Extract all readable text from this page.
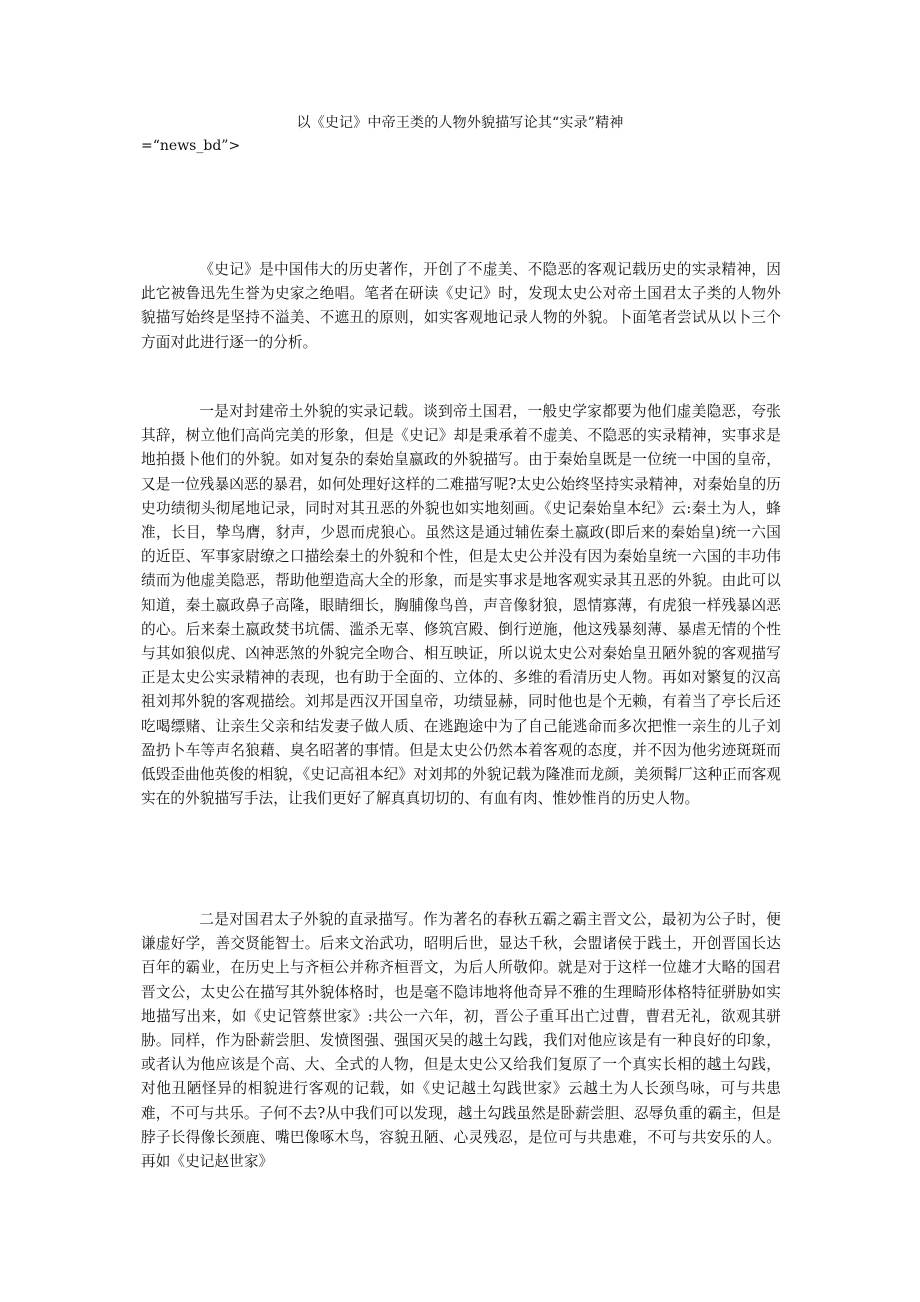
以《史记》中帝王类的人物外貌描写论其“实录”精神
=“news_bd”>

《史记》是中国伟大的历史著作，开创了不虚美、不隐恶的客观记载历史的实录精神，因此它被鲁迅先生誉为史家之绝唱。笔者在研读《史记》时，发现太史公对帝土国君太子类的人物外貌描写始终是坚持不溢美、不遮丑的原则，如实客观地记录人物的外貌。卜面笔者尝试从以卜三个方面对此进行逐一的分析。

一是对封建帝土外貌的实录记载。谈到帝土国君，一般史学家都要为他们虚美隐恶，夸张其辞，树立他们高尚完美的形象，但是《史记》却是秉承着不虚美、不隐恶的实录精神，实事求是地拍摄卜他们的外貌。如对复杂的秦始皇嬴政的外貌描写。由于秦始皇既是一位统一中国的皇帝，又是一位残暴凶恶的暴君，如何处理好这样的二难描写呢?太史公始终坚持实录精神，对秦始皇的历史功绩彻头彻尾地记录，同时对其丑恶的外貌也如实地刻画。《史记秦始皇本纪》云:秦土为人，蜂准，长目，挚鸟膺，豺声，少恩而虎狼心。虽然这是通过辅佐秦土嬴政(即后来的秦始皇)统一六国的近臣、军事家尉缭之口描绘秦土的外貌和个性，但是太史公并没有因为秦始皇统一六国的丰功伟绩而为他虚美隐恶，帮助他塑造高大全的形象，而是实事求是地客观实录其丑恶的外貌。由此可以知道，秦土嬴政鼻子高隆，眼睛细长，胸脯像鸟兽，声音像豺狼，恩情寡薄，有虎狼一样残暴凶恶的心。后来秦土嬴政焚书坑儒、滥杀无辜、修筑宫殿、倒行逆施，他这残暴刻薄、暴虐无情的个性与其如狼似虎、凶神恶煞的外貌完全吻合、相互映证，所以说太史公对秦始皇丑陋外貌的客观描写正是太史公实录精神的表现，也有助于全面的、立体的、多维的看清历史人物。再如对繁复的汉高祖刘邦外貌的客观描绘。刘邦是西汉开国皇帝，功绩显赫，同时他也是个无赖，有着当了亭长后还吃喝缥赌、让亲生父亲和结发妻子做人质、在逃跑途中为了自己能逃命而多次把惟一亲生的儿子刘盈扔卜车等声名狼藉、臭名昭著的事情。但是太史公仍然本着客观的态度，并不因为他劣迹斑斑而低毁歪曲他英俊的相貌，《史记高祖本纪》对刘邦的外貌记载为隆准而龙颜，美须髯厂这种正而客观实在的外貌描写手法，让我们更好了解真真切切的、有血有肉、惟妙惟肖的历史人物。

二是对国君太子外貌的直录描写。作为著名的春秋五霸之霸主晋文公，最初为公子时，便谦虚好学，善交贤能智士。后来文治武功，昭明后世，显达千秋，会盟诸侯于践土，开创晋国长达百年的霸业，在历史上与齐桓公并称齐桓晋文，为后人所敬仰。就是对于这样一位雄才大略的国君晋文公，太史公在描写其外貌体格时，也是毫不隐讳地将他奇异不雅的生理畸形体格特征骈胁如实地描写出来，如《史记管蔡世家》:共公一六年，初，晋公子重耳出亡过曹，曹君无礼，欲观其骈胁。同样，作为卧薪尝胆、发愤图强、强国灭吴的越土勾践，我们对他应该是有一种良好的印象，或者认为他应该是个高、大、全式的人物，但是太史公又给我们复原了一个真实长相的越土勾践，对他丑陋怪异的相貌进行客观的记载，如《史记越土勾践世家》云越土为人长颈鸟咏，可与共患难，不可与共乐。子何不去?从中我们可以发现，越土勾践虽然是卧薪尝胆、忍辱负重的霸主，但是脖子长得像长颈鹿、嘴巴像啄木鸟，容貌丑陋、心灵残忍，是位可与共患难，不可与共安乐的人。再如《史记赵世家》
